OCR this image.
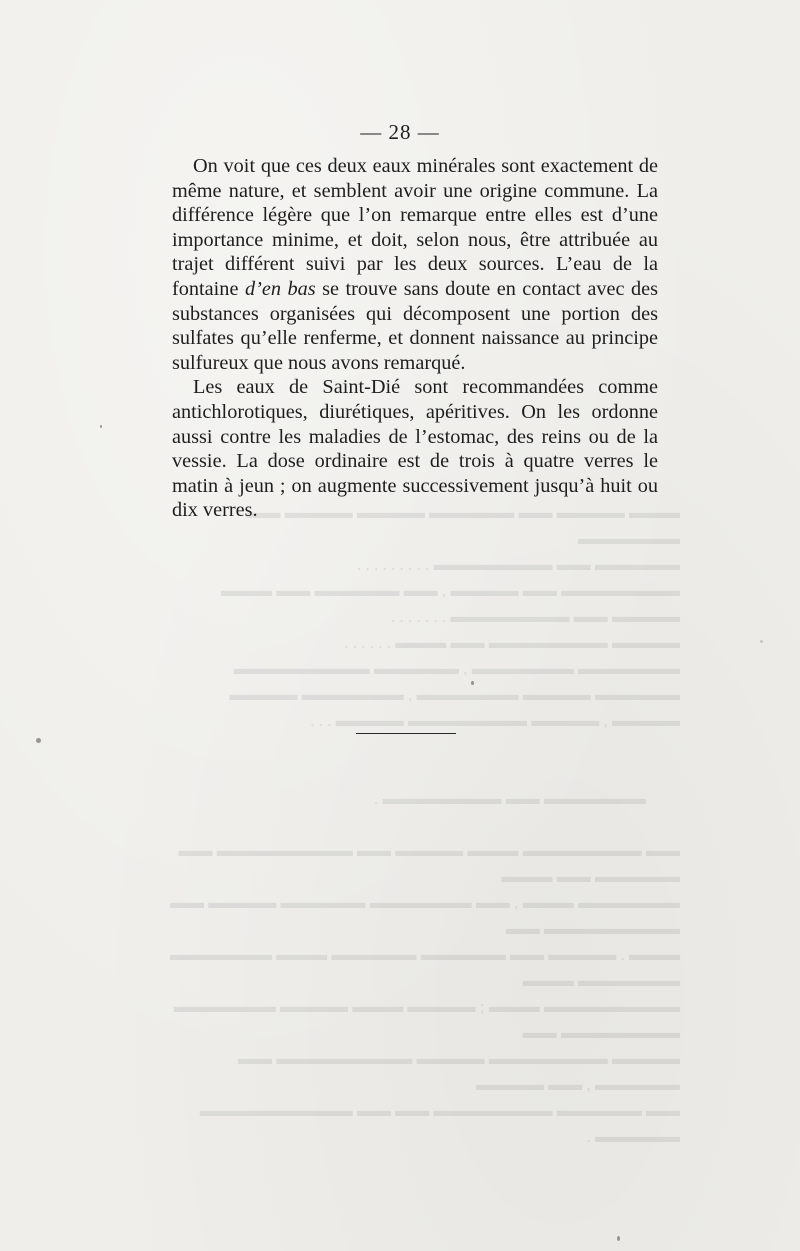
▬▬▬ ▬▬▬▬ ▬▬ ▬▬▬▬▬ ▬▬▬▬ ▬▬▬▬ ▬▬ ▬▬▬▬▬▬

▬▬▬▬▬ ▬▬ ▬▬▬▬▬▬▬ . . . . . . . . .

▬▬▬▬▬▬▬ ▬▬ ▬▬▬▬ , ▬▬ ▬▬▬▬▬ ▬▬ ▬▬▬

▬▬▬▬ ▬▬ ▬▬▬▬▬▬▬ . . . . . . .

▬▬▬▬ ▬▬▬▬▬▬▬ ▬▬ ▬▬▬ . . . . . .

▬▬▬▬▬▬ ▬▬▬▬▬▬ , ▬▬▬▬▬ ▬▬▬▬▬▬▬▬

▬▬▬▬▬ ▬▬▬▬ ▬▬▬▬▬▬ , ▬▬▬▬▬▬ ▬▬▬▬

▬▬▬▬ , ▬▬▬▬ ▬▬▬▬▬▬▬ ▬▬▬▬ . . .

▬▬▬▬▬▬ ▬▬ ▬▬▬▬▬▬▬ .

▬▬ ▬▬▬▬▬▬▬ ▬▬▬ ▬▬▬▬ ▬▬ ▬▬▬▬▬▬▬▬ ▬▬ ▬▬▬▬▬ ▬▬ ▬▬▬

▬▬▬▬▬▬ ▬▬▬ , ▬▬ ▬▬▬▬▬▬ ▬▬▬▬▬ ▬▬▬▬ ▬▬ ▬▬▬▬▬▬▬▬ ▬▬

▬▬▬ . ▬▬▬▬ ▬▬ ▬▬▬▬▬ ▬▬▬▬▬ ▬▬▬ ▬▬▬▬▬▬ ▬▬▬▬▬▬ ▬▬▬

▬▬▬▬▬▬▬▬ ▬▬▬ ; ▬▬▬▬ ▬▬▬ ▬▬▬▬ ▬▬▬▬▬▬ ▬▬▬▬▬▬▬ ▬▬

▬▬▬▬ ▬▬▬▬▬▬▬ ▬▬▬▬ ▬▬▬▬▬▬▬▬ ▬▬ ▬▬▬▬▬ , ▬▬ ▬▬▬▬

▬▬ ▬▬▬▬▬ ▬▬▬▬▬▬▬ ▬▬ ▬▬ ▬▬▬▬▬▬▬▬▬ ▬▬▬▬▬ .

— 28 —

On voit que ces deux eaux minérales sont exactement de même nature, et semblent avoir une origine commune. La différence légère que l’on remarque entre elles est d’une importance minime, et doit, selon nous, être attribuée au trajet différent suivi par les deux sources. L’eau de la fontaine d’en bas se trouve sans doute en contact avec des substances organisées qui décomposent une portion des sulfates qu’elle renferme, et donnent naissance au principe sulfureux que nous avons remarqué.

Les eaux de Saint-Dié sont recommandées comme antichlorotiques, diurétiques, apéritives. On les ordonne aussi contre les maladies de l’estomac, des reins ou de la vessie. La dose ordinaire est de trois à quatre verres le matin à jeun ; on augmente successivement jusqu’à huit ou dix verres.
